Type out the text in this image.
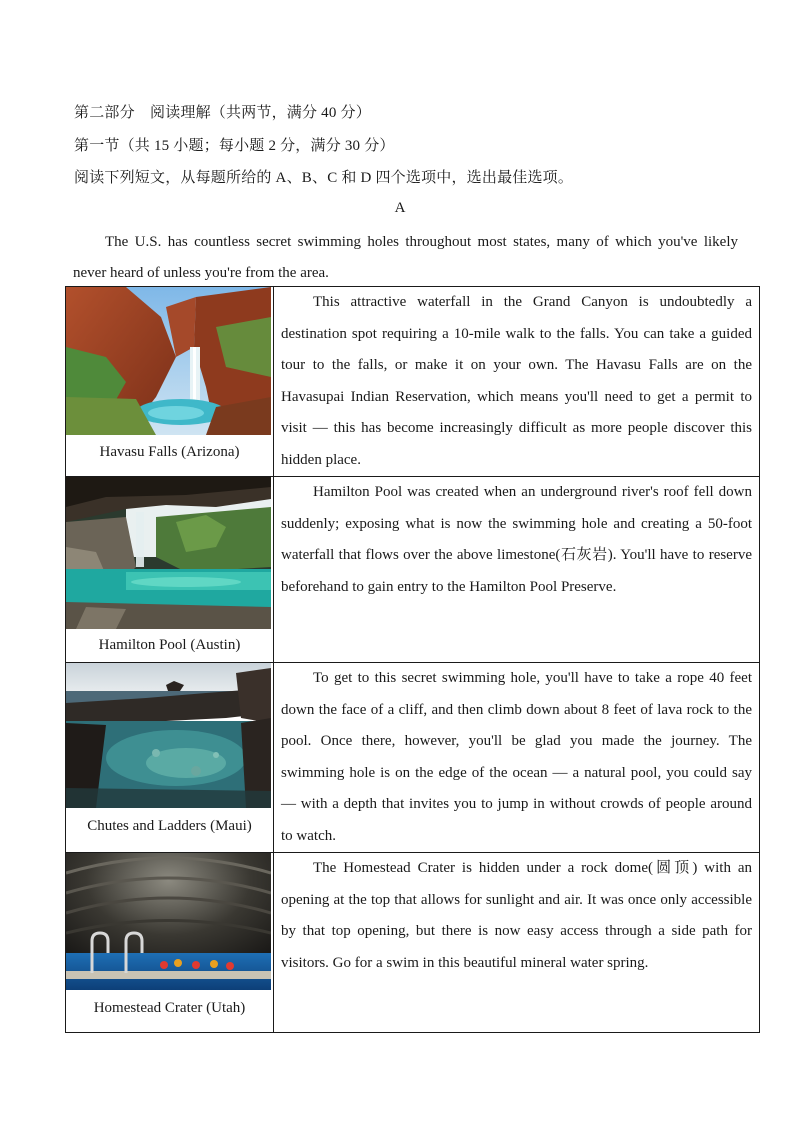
第二部分　阅读理解（共两节，满分 40 分）
第一节（共 15 小题；每小题 2 分，满分 30 分）
阅读下列短文，从每题所给的 A、B、C 和 D 四个选项中，选出最佳选项。
A

The U.S. has countless secret swimming holes throughout most states, many of which you've likely never heard of unless you're from the area.

Havasu Falls (Arizona)	This attractive waterfall in the Grand Canyon is undoubtedly a destination spot requiring a 10-mile walk to the falls. You can take a guided tour to the falls, or make it on your own. The Havasu Falls are on the Havasupai Indian Reservation, which means you'll need to get a permit to visit — this has become increasingly difficult as more people discover this hidden place.

Hamilton Pool (Austin)	Hamilton Pool was created when an underground river's roof fell down suddenly; exposing what is now the swimming hole and creating a 50-foot waterfall that flows over the above limestone(石灰岩). You'll have to reserve beforehand to gain entry to the Hamilton Pool Preserve.

Chutes and Ladders (Maui)	To get to this secret swimming hole, you'll have to take a rope 40 feet down the face of a cliff, and then climb down about 8 feet of lava rock to the pool. Once there, however, you'll be glad you made the journey. The swimming hole is on the edge of the ocean — a natural pool, you could say — with a depth that invites you to jump in without crowds of people around to watch.

Homestead Crater (Utah)	The Homestead Crater is hidden under a rock dome(圆顶) with an opening at the top that allows for sunlight and air. It was once only accessible by that top opening, but there is now easy access through a side path for visitors. Go for a swim in this beautiful mineral water spring.
